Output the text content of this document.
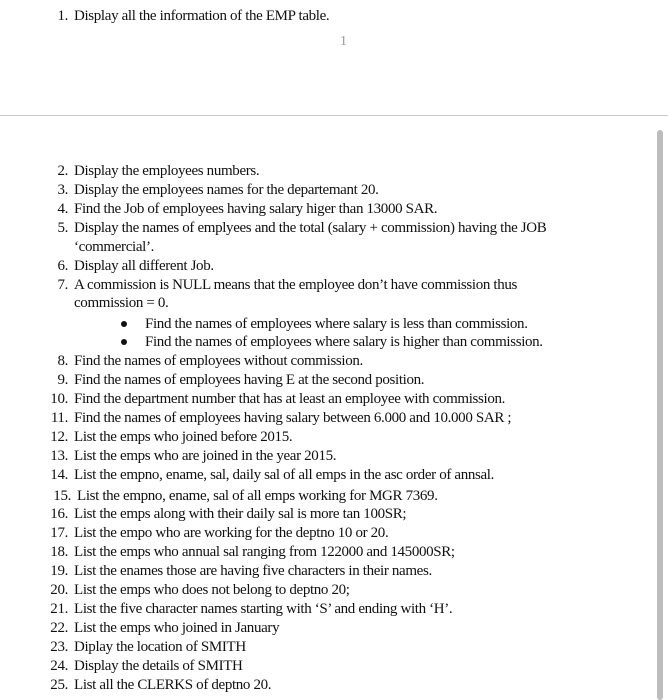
1. Display all the information of the EMP table.
1
2. Display the employees numbers.
3. Display the employees names for the departemant 20.
4. Find the Job of employees having salary higer than 13000 SAR.
5. Display the names of emplyees and the total (salary + commission) having the JOB
‘commercial’.
6. Display all different Job.
7. A commission is NULL means that the employee don’t have commission thus
commission = 0.
Find the names of employees where salary is less than commission.
Find the names of employees where salary is higher than commission.
8. Find the names of employees without commission.
9. Find the names of employees having E at the second position.
10. Find the department number that has at least an employee with commission.
11. Find the names of employees having salary between 6.000 and 10.000 SAR ;
12. List the emps who joined before 2015.
13. List the emps who are joined in the year 2015.
14. List the empno, ename, sal, daily sal of all emps in the asc order of annsal.
15. List the empno, ename, sal of all emps working for MGR 7369.
16. List the emps along with their daily sal is more tan 100SR;
17. List the empo who are working for the deptno 10 or 20.
18. List the emps who annual sal ranging from 122000 and 145000SR;
19. List the enames those are having five characters in their names.
20. List the emps who does not belong to deptno 20;
21. List the five character names starting with ‘S’ and ending with ‘H’.
22. List the emps who joined in January
23. Diplay the location of SMITH
24. Display the details of SMITH
25. List all the CLERKS of deptno 20.
